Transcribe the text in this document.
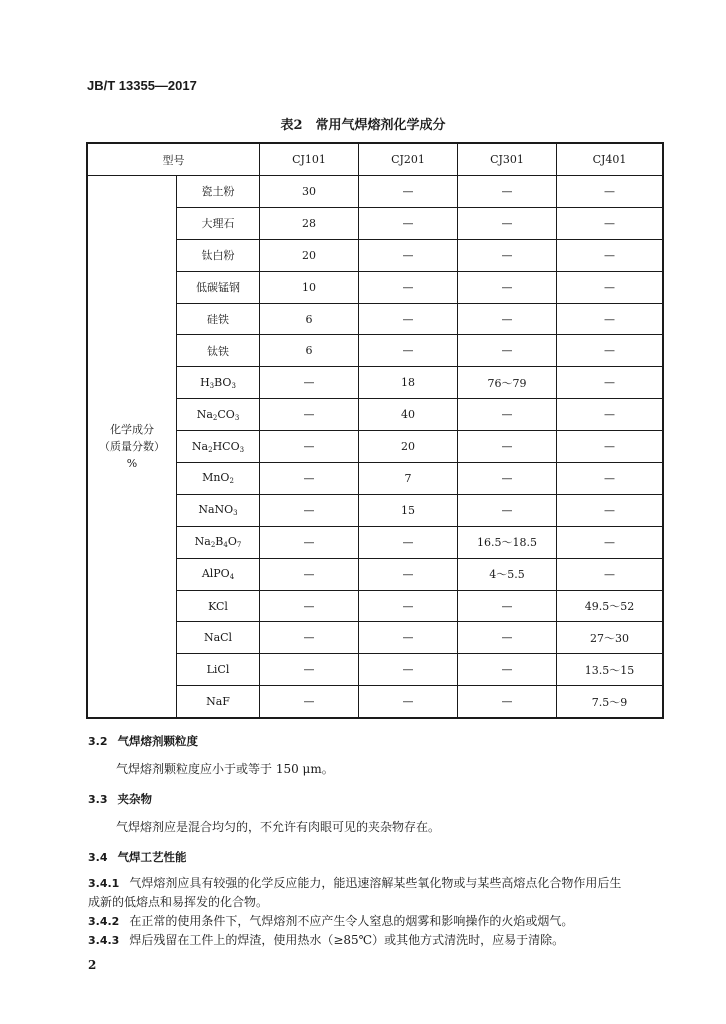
JB/T 13355—2017
表2　常用气焊熔剂化学成分
型号		CJ101	CJ201	CJ301	CJ401

化学成分
（质量分数）
%	瓷土粉	30	—	—	—
	大理石	28	—	—	—
	钛白粉	20	—	—	—
	低碳锰钢	10	—	—	—
	硅铁	6	—	—	—
	钛铁	6	—	—	—
	$H_3BO_3$	—	18	76～79	—
	$Na_2CO_3$	—	40	—	—
	$Na_2HCO_3$	—	20	—	—
	MnO$_2$	—	7	—	—
	NaNO$_3$	—	15	—	—
	$Na_2B_4O_7$	—	—	16.5～18.5	—
	AlPO$_4$	—	—	4～5.5	—
	KCl	—	—	—	49.5～52
	NaCl	—	—	—	27～30
	LiCl	—	—	—	13.5～15
	NaF	—	—	—	7.5～9
3.2 气焊熔剂颗粒度
气焊熔剂颗粒度应小于或等于 150 μm。
3.3 夹杂物
气焊熔剂应是混合均匀的，不允许有肉眼可见的夹杂物存在。
3.4 气焊工艺性能
3.4.1 气焊熔剂应具有较强的化学反应能力，能迅速溶解某些氧化物或与某些高熔点化合物作用后生
成新的低熔点和易挥发的化合物。
3.4.2 在正常的使用条件下，气焊熔剂不应产生令人窒息的烟雾和影响操作的火焰或烟气。
3.4.3 焊后残留在工件上的焊渣，使用热水（≥85℃）或其他方式清洗时，应易于清除。
2
